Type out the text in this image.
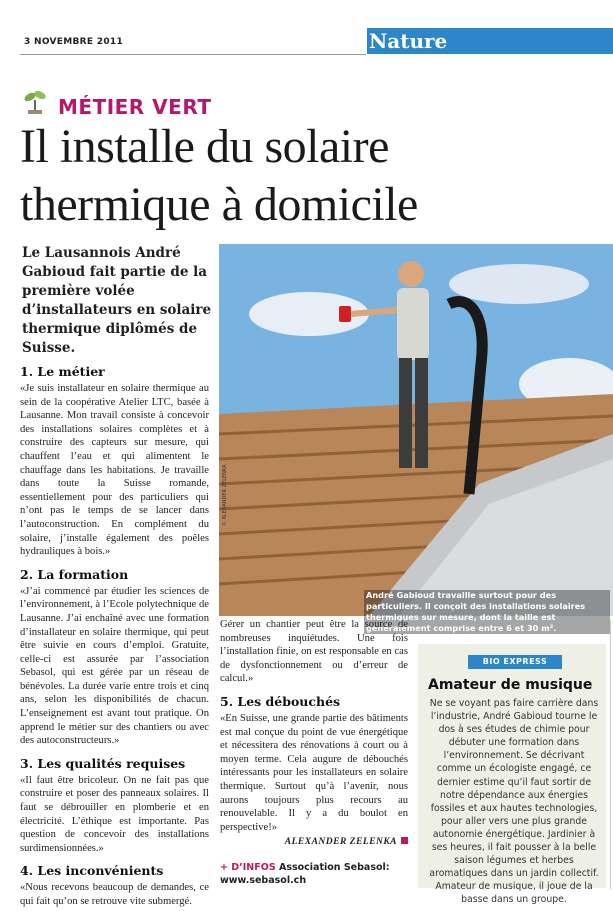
3 NOVEMBRE 2011	Nature
MÉTIER VERT
Il installe du solaire
thermique à domicile
Le Lausannois André Gabioud fait partie de la première volée d’installateurs en solaire thermique diplômés de Suisse.
1. Le métier

«Je suis installateur en solaire thermique au sein de la coopérative Atelier LTC, basée à Lausanne. Mon travail consiste à concevoir des installations solaires complètes et à construire des capteurs sur mesure, qui chauffent l’eau et qui alimentent le chauffage dans les habitations. Je travaille dans toute la Suisse romande, essentiellement pour des particuliers qui n’ont pas le temps de se lancer dans l’autoconstruction. En complément du solaire, j’installe également des poêles hydrauliques à bois.»

2. La formation

«J’ai commencé par étudier les sciences de l’environnement, à l’Ecole polytechnique de Lausanne. J’ai enchaîné avec une formation d’installateur en solaire thermique, qui peut être suivie en cours d’emploi. Gratuite, celle-ci est assurée par l’association Sebasol, qui est gérée par un réseau de bénévoles. La durée varie entre trois et cinq ans, selon les disponibilités de chacun. L’enseignement est avant tout pratique. On apprend le métier sur des chantiers ou avec des autoconstructeurs.»

3. Les qualités requises

«Il faut être bricoleur. On ne fait pas que construire et poser des panneaux solaires. Il faut se débrouiller en plomberie et en électricité. L’éthique est importante. Pas question de concevoir des installations surdimensionnées.»

4. Les inconvénients

«Nous recevons beaucoup de demandes, ce qui fait qu’on se retrouve vite submergé.

André Gabioud travaille surtout pour des particuliers. Il conçoit des installations solaires thermiques sur mesure, dont la taille est généralement comprise entre 6 et 30 m².
© ALEXANDER ZELENKA

Gérer un chantier peut être la source de nombreuses inquiétudes. Une fois l’installation finie, on est responsable en cas de dysfonctionnement ou d’erreur de calcul.»

5. Les débouchés

«En Suisse, une grande partie des bâtiments est mal conçue du point de vue énergétique et nécessitera des rénovations à court ou à moyen terme. Cela augure de débouchés intéressants pour les installateurs en solaire thermique. Surtout qu’à l’avenir, nous aurons toujours plus recours au renouvelable. Il y a du boulot en perspective!»

ALEXANDER ZELENKA
+ D’INFOS Association Sebasol:
www.sebasol.ch
BIO EXPRESS
Amateur de musique
Ne se voyant pas faire carrière dans l’industrie, André Gabioud tourne le dos à ses études de chimie pour débuter une formation dans l’environnement. Se décrivant comme un écologiste engagé, ce dernier estime qu’il faut sortir de notre dépendance aux énergies fossiles et aux hautes technologies, pour aller vers une plus grande autonomie énergétique. Jardinier à ses heures, il fait pousser à la belle saison légumes et herbes aromatiques dans un jardin collectif. Amateur de musique, il joue de la basse dans un groupe.
